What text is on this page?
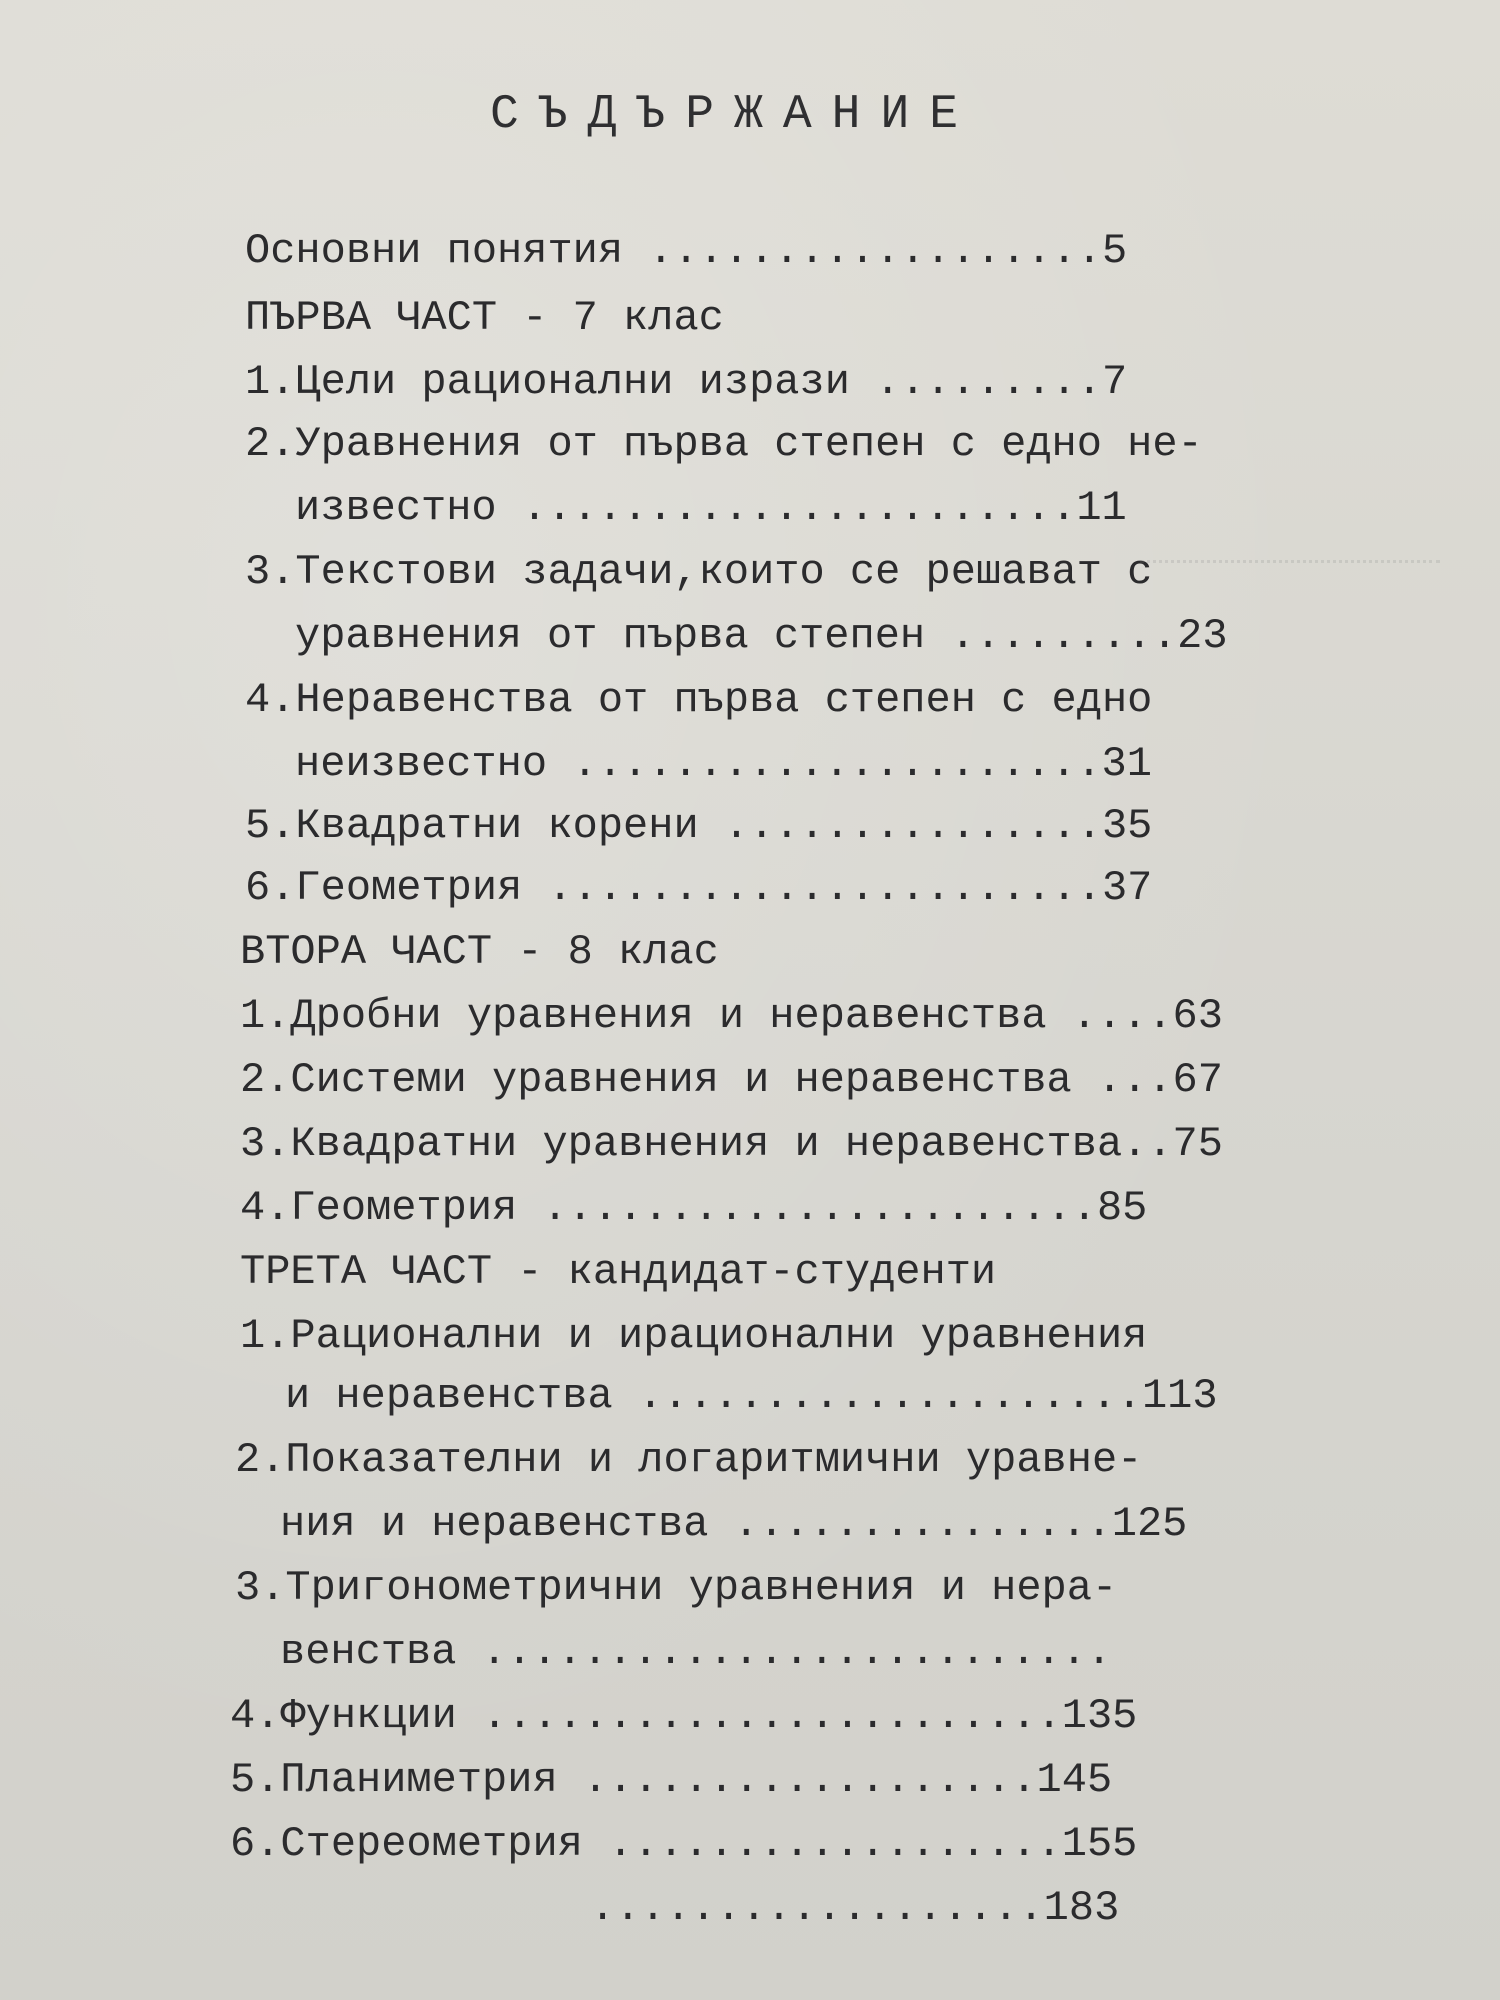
СЪДЪРЖАНИЕ
Основни понятия ..................5
ПЪРВА ЧАСТ - 7 клас
1.Цели рационални изрази .........7
2.Уравнения от първа степен с едно не-
известно ......................11
3.Текстови задачи,които се решават с
уравнения от първа степен .........23
4.Неравенства от първа степен с едно
неизвестно .....................31
5.Квадратни корени ...............35
6.Геометрия ......................37
ВТОРА ЧАСТ - 8 клас
1.Дробни уравнения и неравенства ....63
2.Системи уравнения и неравенства ...67
3.Квадратни уравнения и неравенства..75
4.Геометрия ......................85
ТРЕТА ЧАСТ - кандидат-студенти
1.Рационални и ирационални уравнения
и неравенства ....................113
2.Показателни и логаритмични уравне-
ния и неравенства ...............125
3.Тригонометрични уравнения и нера-
венства .........................
4.Функции .......................135
5.Планиметрия ..................145
6.Стереометрия ..................155
..................183
